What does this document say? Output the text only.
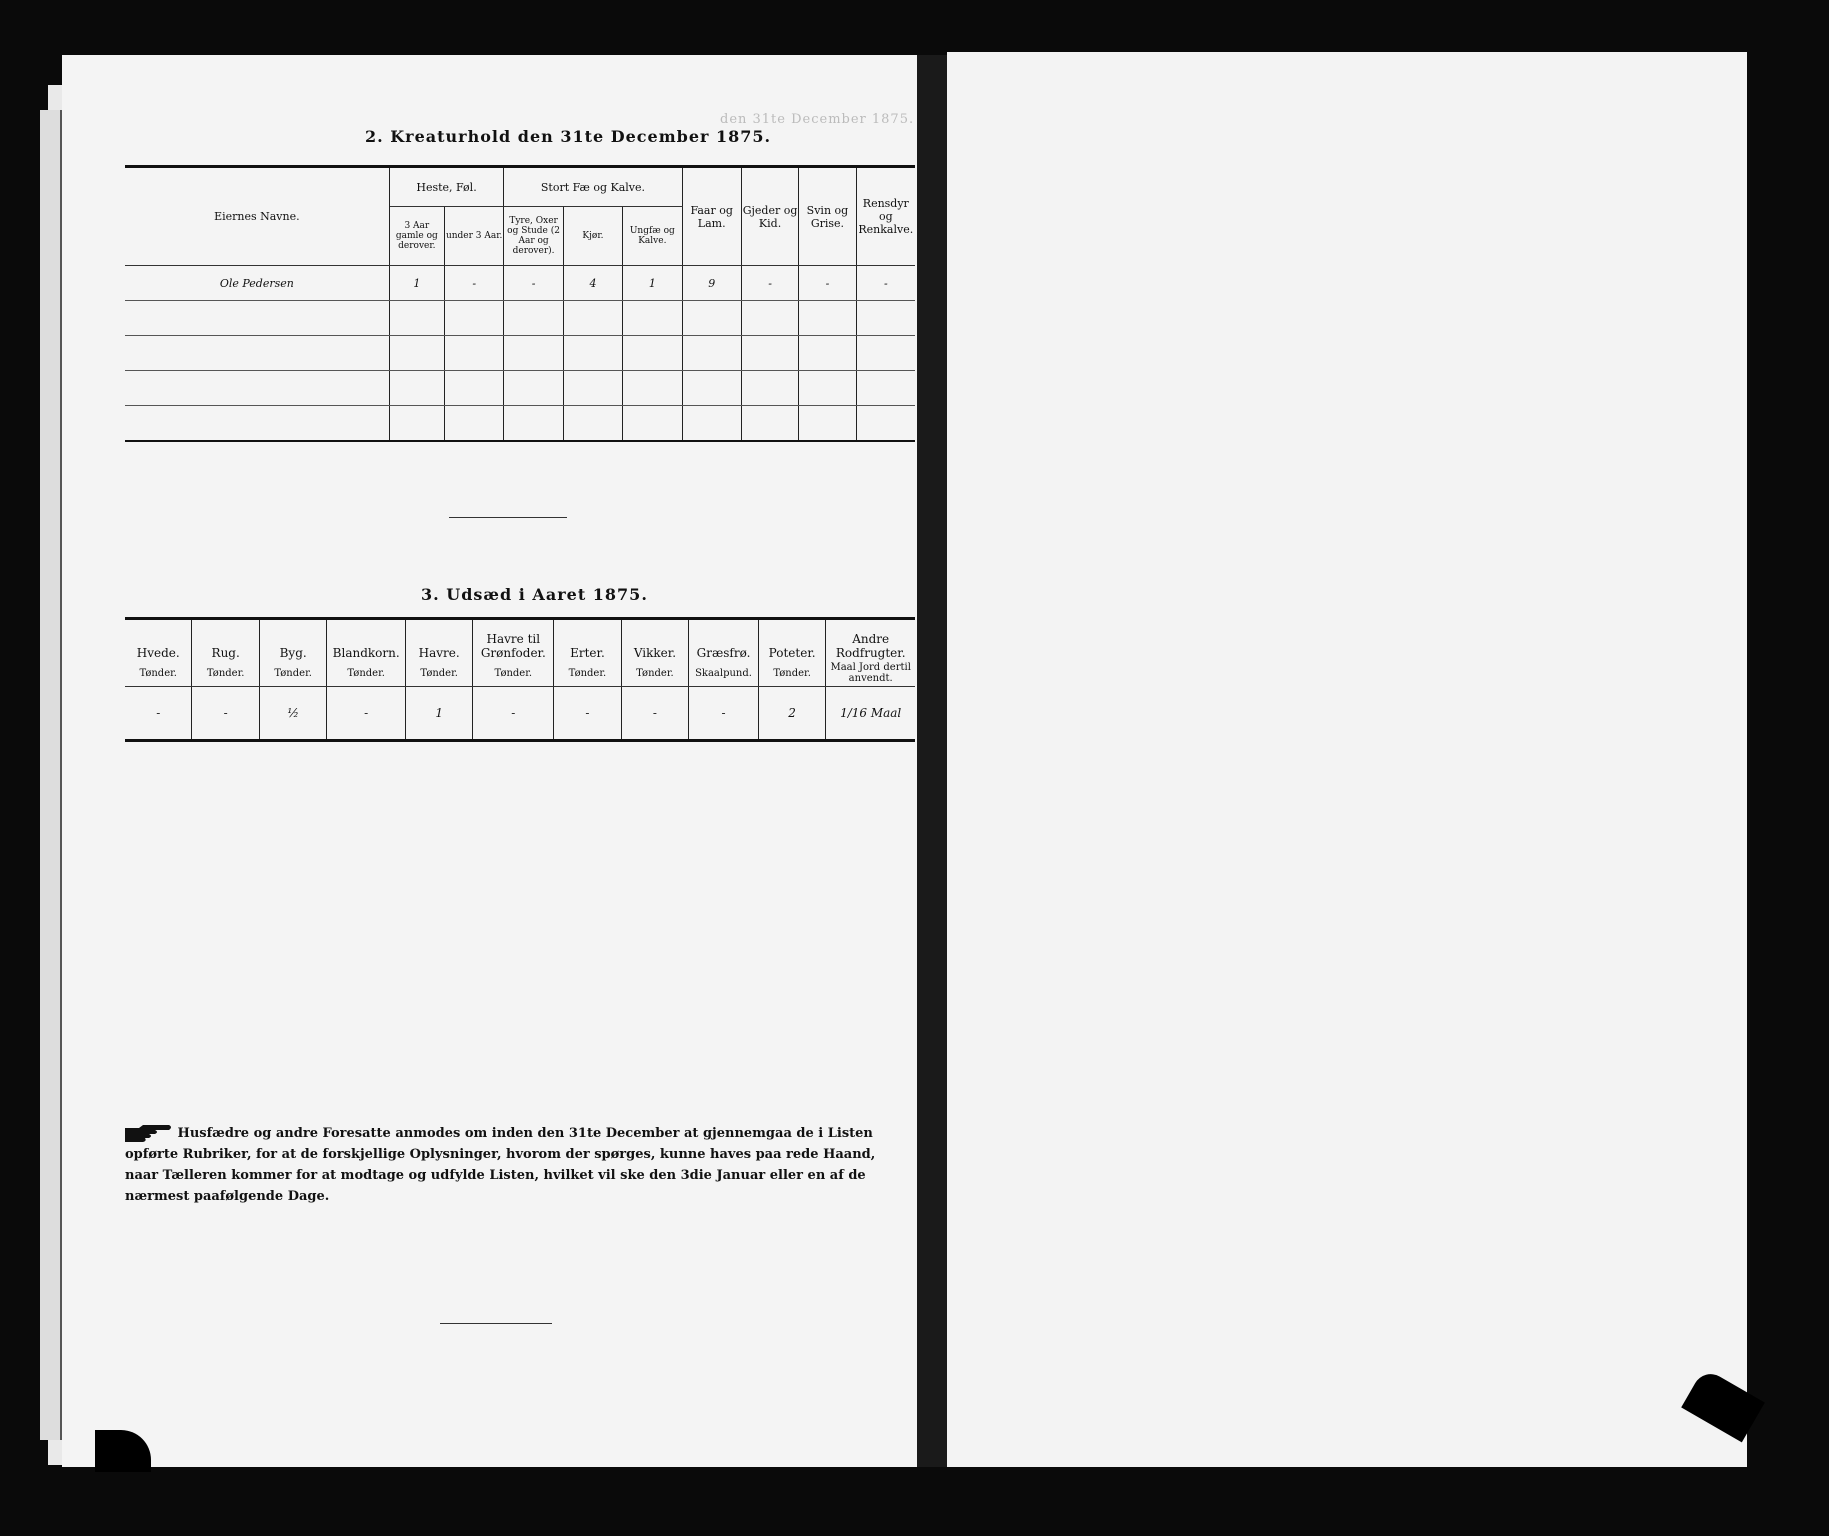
2. Kreaturhold den 31te December 1875.
3. Udsæd i Aaret 1875.
Eiernes Navne.	Heste, Føl.		Stort Fæ og Kalve.			Faar og Lam.	Gjeder og Kid.	Svin og Grise.	Rensdyr og Renkalve.
	3 Aar gamle og derover.	under 3 Aar.	Tyre, Oxer og Stude (2 Aar og derover).	Kjør.	Ungfæ og Kalve.				
Ole Pedersen	1	-	-	4	1	9	-	-	-

Hvede.	Rug.	Byg.	Blandkorn.	Havre.	Havre til Grønfoder.	Erter.	Vikker.	Græsfrø.	Poteter.	Andre Rodfrugter.
Tønder.	Tønder.	Tønder.	Tønder.	Tønder.	Tønder.	Tønder.	Tønder.	Skaalpund.	Tønder.	Maal Jord dertil anvendt.
-	-	½	-	1	-	-	-	-	2	1/16 Maal
Husfædre og andre Foresatte anmodes om inden den 31te December at gjennemgaa de i Listen opførte Rubriker, for at de forskjellige Oplysninger, hvorom der spørges, kunne haves paa rede Haand, naar Tælleren kommer for at modtage og udfylde Listen, hvilket vil ske den 3die Januar eller en af de nærmest paafølgende Dage.
den 31te December 1875.
